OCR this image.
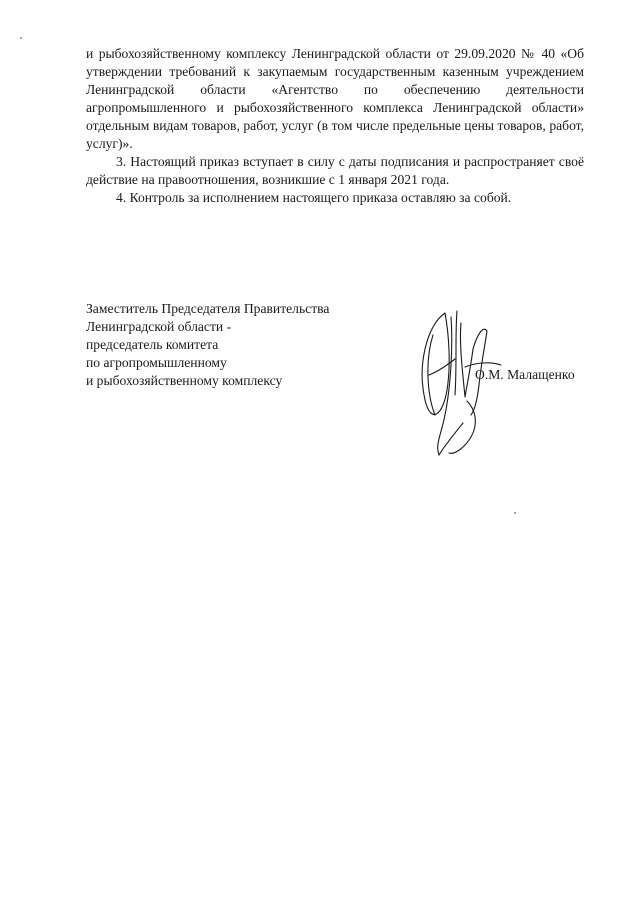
и рыбохозяйственному комплексу Ленинградской области от 29.09.2020 № 40 «Об утверждении требований к закупаемым государственным казенным учреждением Ленинградской области «Агентство по обеспечению деятельности агропромышленного и рыбохозяйственного комплекса Ленинградской области» отдельным видам товаров, работ, услуг (в том числе предельные цены товаров, работ, услуг)».

3. Настоящий приказ вступает в силу с даты подписания и распространяет своё действие на правоотношения, возникшие с 1 января 2021 года.

4. Контроль за исполнением настоящего приказа оставляю за собой.

Заместитель Председателя Правительства
Ленинградской области -
председатель комитета
по агропромышленному
и рыбохозяйственному комплексу	О.М. Малащенко
